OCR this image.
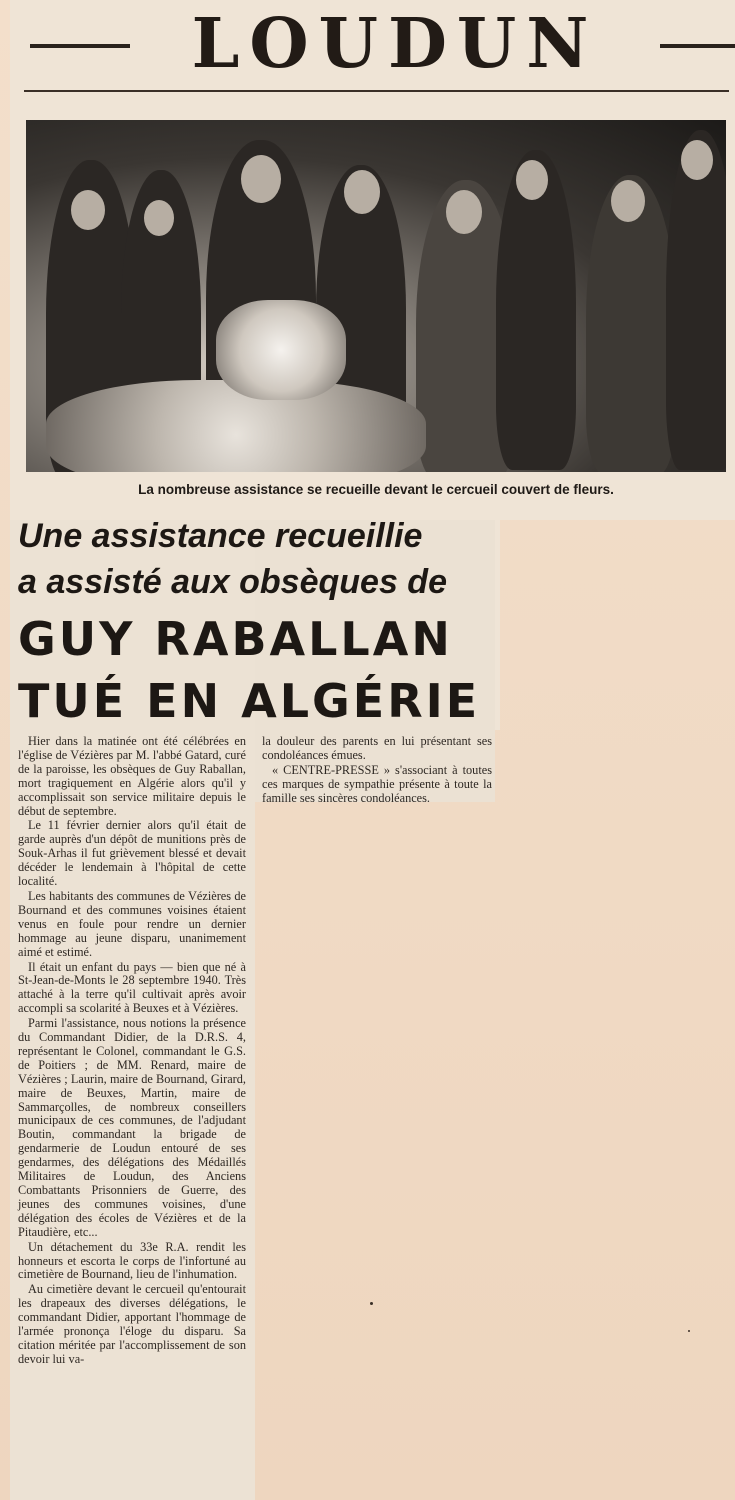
LOUDUN
La nombreuse assistance se recueille devant le cercueil couvert de fleurs.
Une assistance recueillie
a assisté aux obsèques de
GUY RABALLAN
TUÉ EN ALGÉRIE

Hier dans la matinée ont été célébrées en l'église de Vézières par M. l'abbé Gatard, curé de la paroisse, les obsèques de Guy Raballan, mort tragiquement en Algérie alors qu'il y accomplissait son service militaire depuis le début de septembre.

Le 11 février dernier alors qu'il était de garde auprès d'un dépôt de munitions près de Souk-Arhas il fut grièvement blessé et devait décéder le lendemain à l'hôpital de cette localité.

Les habitants des communes de Vézières de Bournand et des communes voisines étaient venus en foule pour rendre un dernier hommage au jeune disparu, unanimement aimé et estimé.

Il était un enfant du pays — bien que né à St-Jean-de-Monts le 28 septembre 1940. Très attaché à la terre qu'il cultivait après avoir accompli sa scolarité à Beuxes et à Vézières.

Parmi l'assistance, nous notions la présence du Commandant Didier, de la D.R.S. 4, représentant le Colonel, commandant le G.S. de Poitiers ; de MM. Renard, maire de Vézières ; Laurin, maire de Bournand, Girard, maire de Beuxes, Martin, maire de Sammarçolles, de nombreux conseillers municipaux de ces communes, de l'adjudant Boutin, commandant la brigade de gendarmerie de Loudun entouré de ses gendarmes, des délégations des Médaillés Militaires de Loudun, des Anciens Combattants Prisonniers de Guerre, des jeunes des communes voisines, d'une délégation des écoles de Vézières et de la Pitaudière, etc...

Un détachement du 33e R.A. rendit les honneurs et escorta le corps de l'infortuné au cimetière de Bournand, lieu de l'inhumation.

Au cimetière devant le cercueil qu'entourait les drapeaux des diverses délégations, le commandant Didier, apportant l'hommage de l'armée prononça l'éloge du disparu. Sa citation méritée par l'accomplissement de son devoir lui va-

la douleur des parents en lui présentant ses condoléances émues.

« CENTRE-PRESSE » s'associant à toutes ces marques de sympathie présente à toute la famille ses sincères condoléances.
